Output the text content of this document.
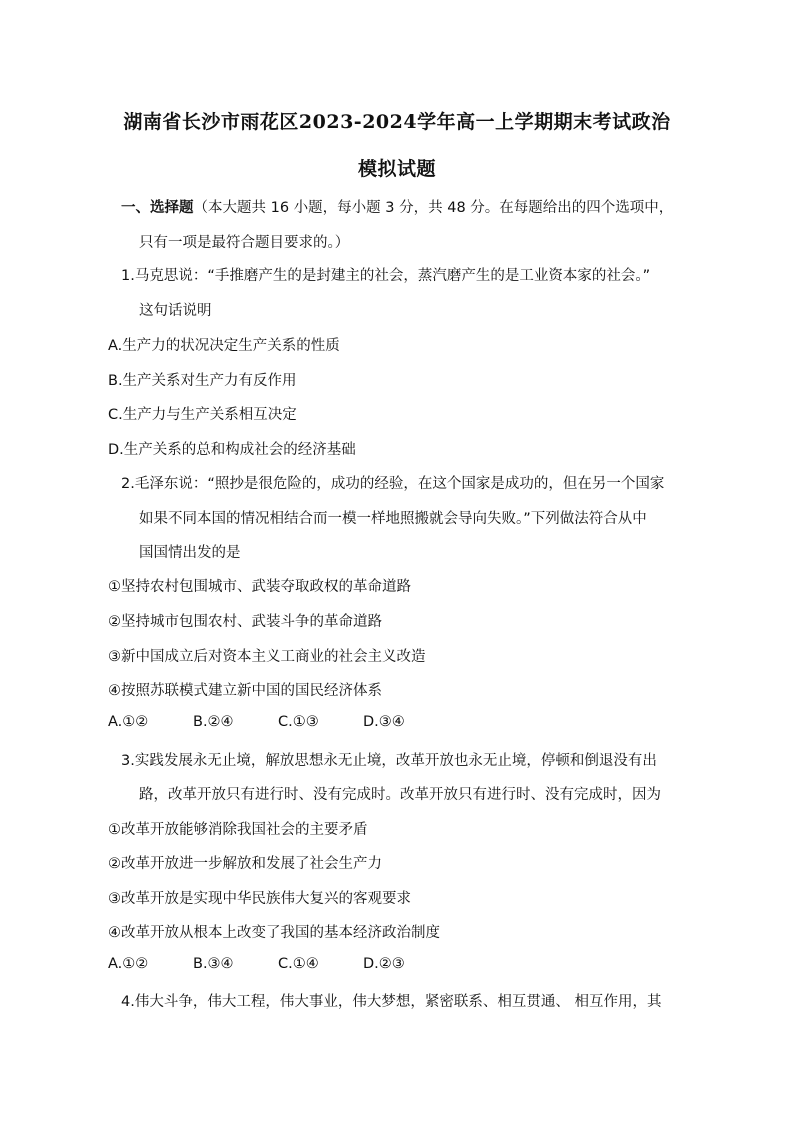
湖南省长沙市雨花区2023-2024学年高一上学期期末考试政治
模拟试题
一、选择题（本大题共 16 小题，每小题 3 分，共 48 分。在每题给出的四个选项中，
只有一项是最符合题目要求的。）
1.马克思说：“手推磨产生的是封建主的社会，蒸汽磨产生的是工业资本家的社会。”
这句话说明
A.生产力的状况决定生产关系的性质
B.生产关系对生产力有反作用
C.生产力与生产关系相互决定
D.生产关系的总和构成社会的经济基础
2.毛泽东说：“照抄是很危险的，成功的经验，在这个国家是成功的，但在另一个国家
如果不同本国的情况相结合而一模一样地照搬就会导向失败。”下列做法符合从中
国国情出发的是
①坚持农村包围城市、武装夺取政权的革命道路
②坚持城市包围农村、武装斗争的革命道路
③新中国成立后对资本主义工商业的社会主义改造
④按照苏联模式建立新中国的国民经济体系
A.①②	B.②④	C.①③	D.③④
3.实践发展永无止境，解放思想永无止境，改革开放也永无止境，停顿和倒退没有出
路，改革开放只有进行时、没有完成时。改革开放只有进行时、没有完成时，因为
①改革开放能够消除我国社会的主要矛盾
②改革开放进一步解放和发展了社会生产力
③改革开放是实现中华民族伟大复兴的客观要求
④改革开放从根本上改变了我国的基本经济政治制度
A.①②	B.③④	C.①④	D.②③
4.伟大斗争，伟大工程，伟大事业，伟大梦想，紧密联系、相互贯通、 相互作用，其
